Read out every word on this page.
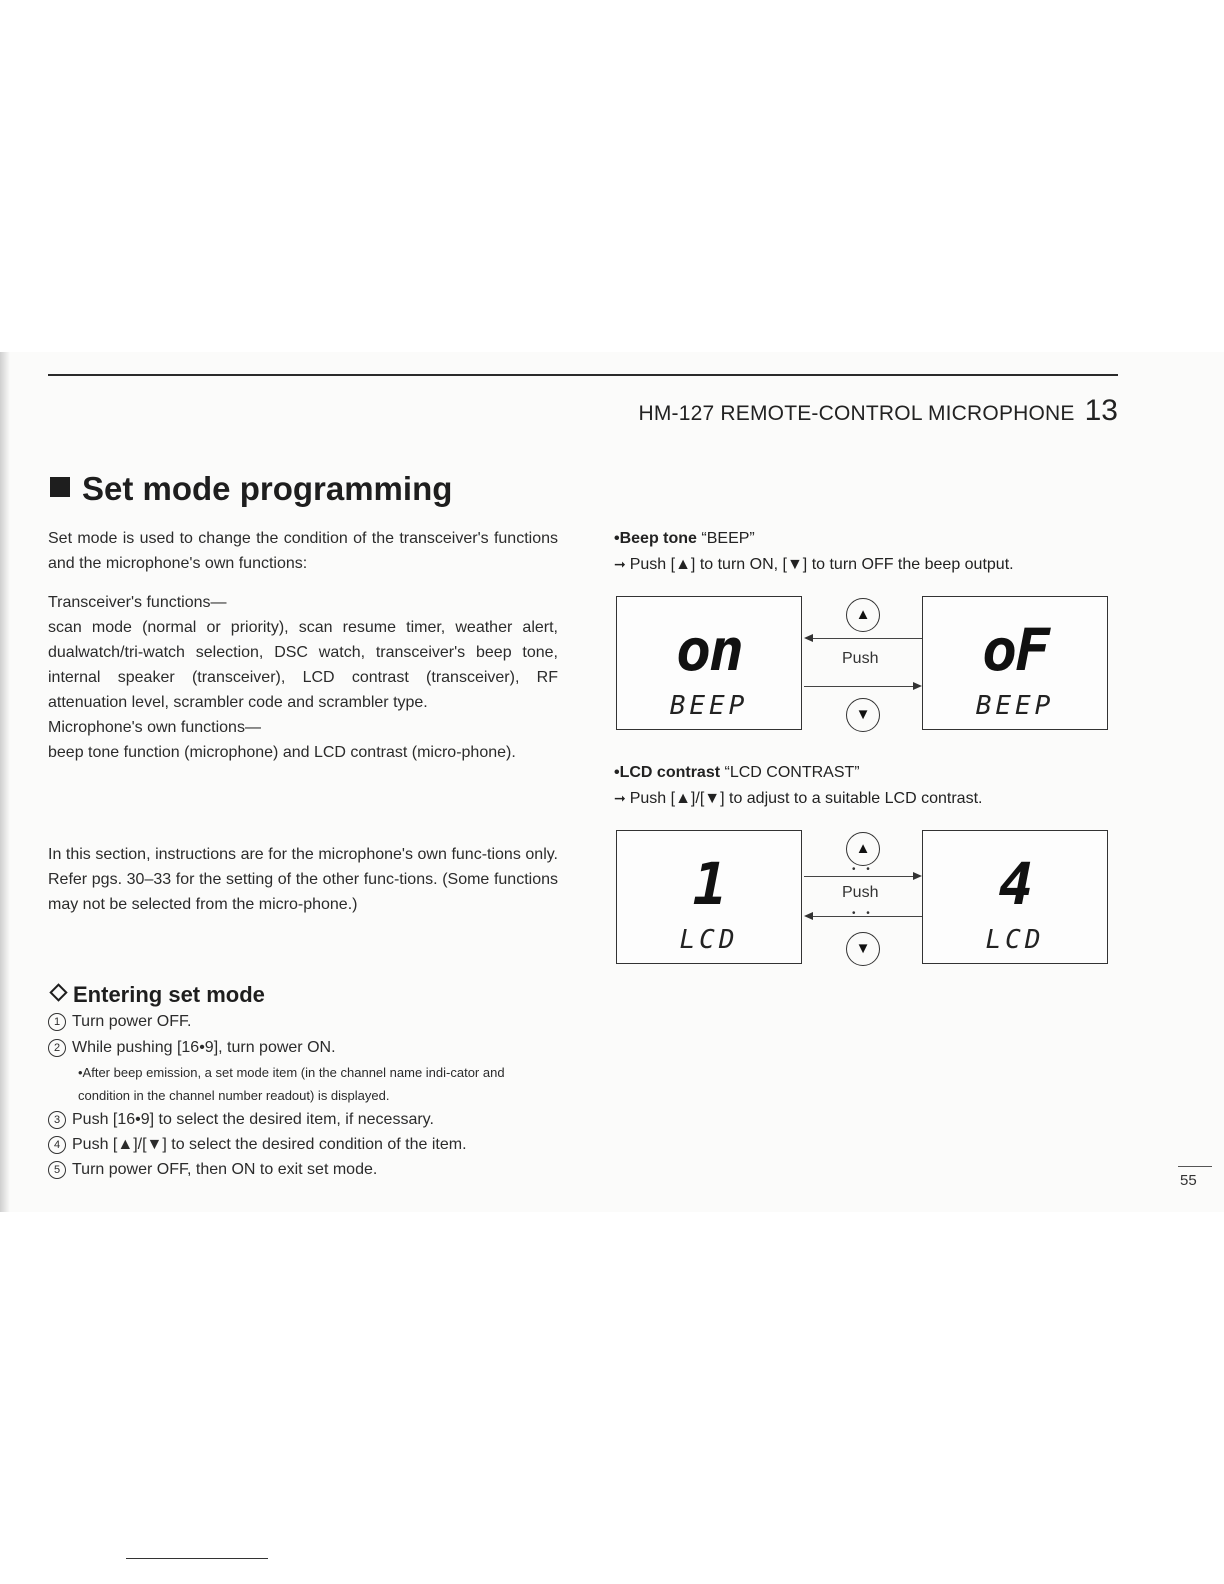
HM-127 REMOTE-CONTROL MICROPHONE 13
Set mode programming

Set mode is used to change the condition of the transceiver's functions and the microphone's own functions:

Transceiver's functions—

scan mode (normal or priority), scan resume timer, weather alert, dualwatch/tri-watch selection, DSC watch, transceiver's beep tone, internal speaker (transceiver), LCD contrast (transceiver), RF attenuation level, scrambler code and scrambler type.

Microphone's own functions—

beep tone function (microphone) and LCD contrast (micro-phone).

In this section, instructions are for the microphone's own func-tions only. Refer pgs. 30–33 for the setting of the other func-tions. (Some functions may not be selected from the micro-phone.)

Entering set mode
1 Turn power OFF.
2 While pushing [16•9], turn power ON.
•After beep emission, a set mode item (in the channel name indi-cator and condition in the channel number readout) is displayed.
3 Push [16•9] to select the desired item, if necessary.
4 Push [▲]/[▼] to select the desired condition of the item.
5 Turn power OFF, then ON to exit set mode.
•Beep tone “BEEP”
➞ Push [▲] to turn ON, [▼] to turn OFF the beep output.
on
BEEP
oF
BEEP
▲
▼
Push
•LCD contrast “LCD CONTRAST”
➞ Push [▲]/[▼] to adjust to a suitable LCD contrast.
1
LCD
4
LCD
▲
▼
• •
Push
• •
55
